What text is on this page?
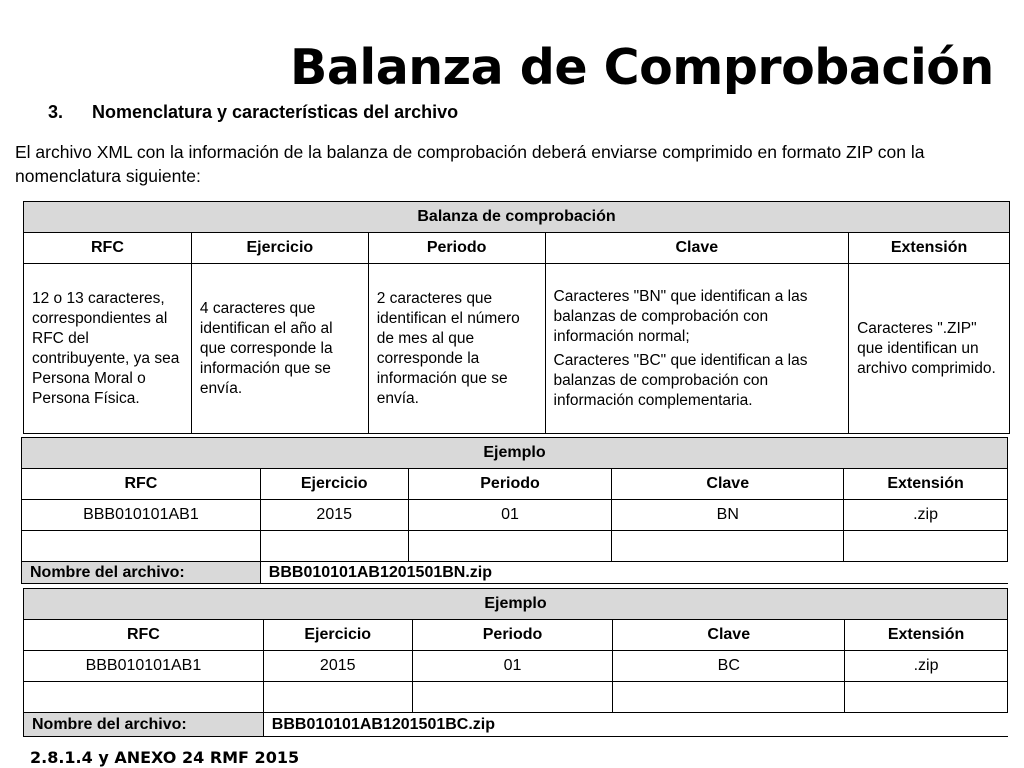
Balanza de Comprobación
3. Nomenclatura y características del archivo
El archivo XML con la información de la balanza de comprobación deberá enviarse comprimido en formato ZIP con la nomenclatura siguiente:
Balanza de comprobación				
RFC	Ejercicio	Periodo	Clave	Extensión
12 o 13 caracteres, correspondientes al RFC del contribuyente, ya sea Persona Moral o Persona Física.	4 caracteres que identifican el año al que corresponde la información que se envía.	2 caracteres que identifican el número de mes al que corresponde la información que se envía.	Caracteres "BN" que identifican a las balanzas de comprobación con información normal;

Caracteres "BC" que identifican a las balanzas de comprobación con información complementaria.	Caracteres ".ZIP" que identifican un archivo comprimido.
Ejemplo				
RFC	Ejercicio	Periodo	Clave	Extensión
BBB010101AB1	2015	01	BN	.zip

Nombre del archivo:	BBB010101AB1201501BN.zip			
Ejemplo				
RFC	Ejercicio	Periodo	Clave	Extensión
BBB010101AB1	2015	01	BC	.zip

Nombre del archivo:	BBB010101AB1201501BC.zip			
2.8.1.4 y ANEXO 24 RMF 2015
